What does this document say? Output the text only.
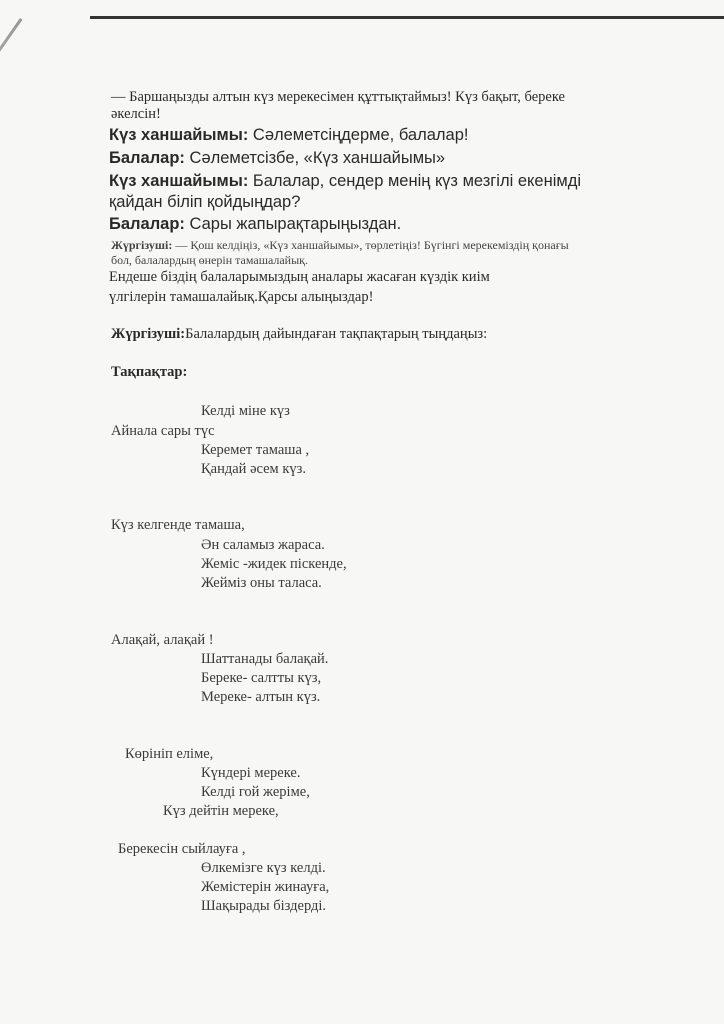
— Баршаңызды алтын күз мерекесімен құттықтаймыз! Күз бақыт, береке
әкелсін!
Күз ханшайымы: Сәлеметсіңдерме, балалар!
Балалар: Сәлеметсізбе, «Күз ханшайымы»
Күз ханшайымы: Балалар, сендер менің күз мезгілі екенімді
қайдан біліп қойдыңдар?
Балалар: Сары жапырақтарыңыздан.
Жүргізуші: — Қош келдіңіз, «Күз ханшайымы», төрлетіңіз! Бүгінгі мерекеміздің қонағы
бол, балалардың өнерін тамашалайық.
Ендеше біздің балаларымыздың аналары жасаған күздік киім
үлгілерін тамашалайық.Қарсы алыңыздар!
Жүргізуші:Балалардың дайындаған тақпақтарың тыңдаңыз:
Тақпақтар:
Келді міне күз
Айнала сары түс
Керемет тамаша ,
Қандай әсем күз.
Күз келгенде тамаша,
Ән саламыз жараса.
Жеміс -жидек піскенде,
Жейміз оны таласа.
Алақай, алақай !
Шаттанады балақай.
Береке- салтты күз,
Мереке- алтын күз.
Көрініп еліме,
Күндері мереке.
Келді гой жеріме,
Күз дейтін мереке,
Берекесін сыйлауға ,
Өлкемізге күз келді.
Жемістерін жинауға,
Шақырады біздерді.
